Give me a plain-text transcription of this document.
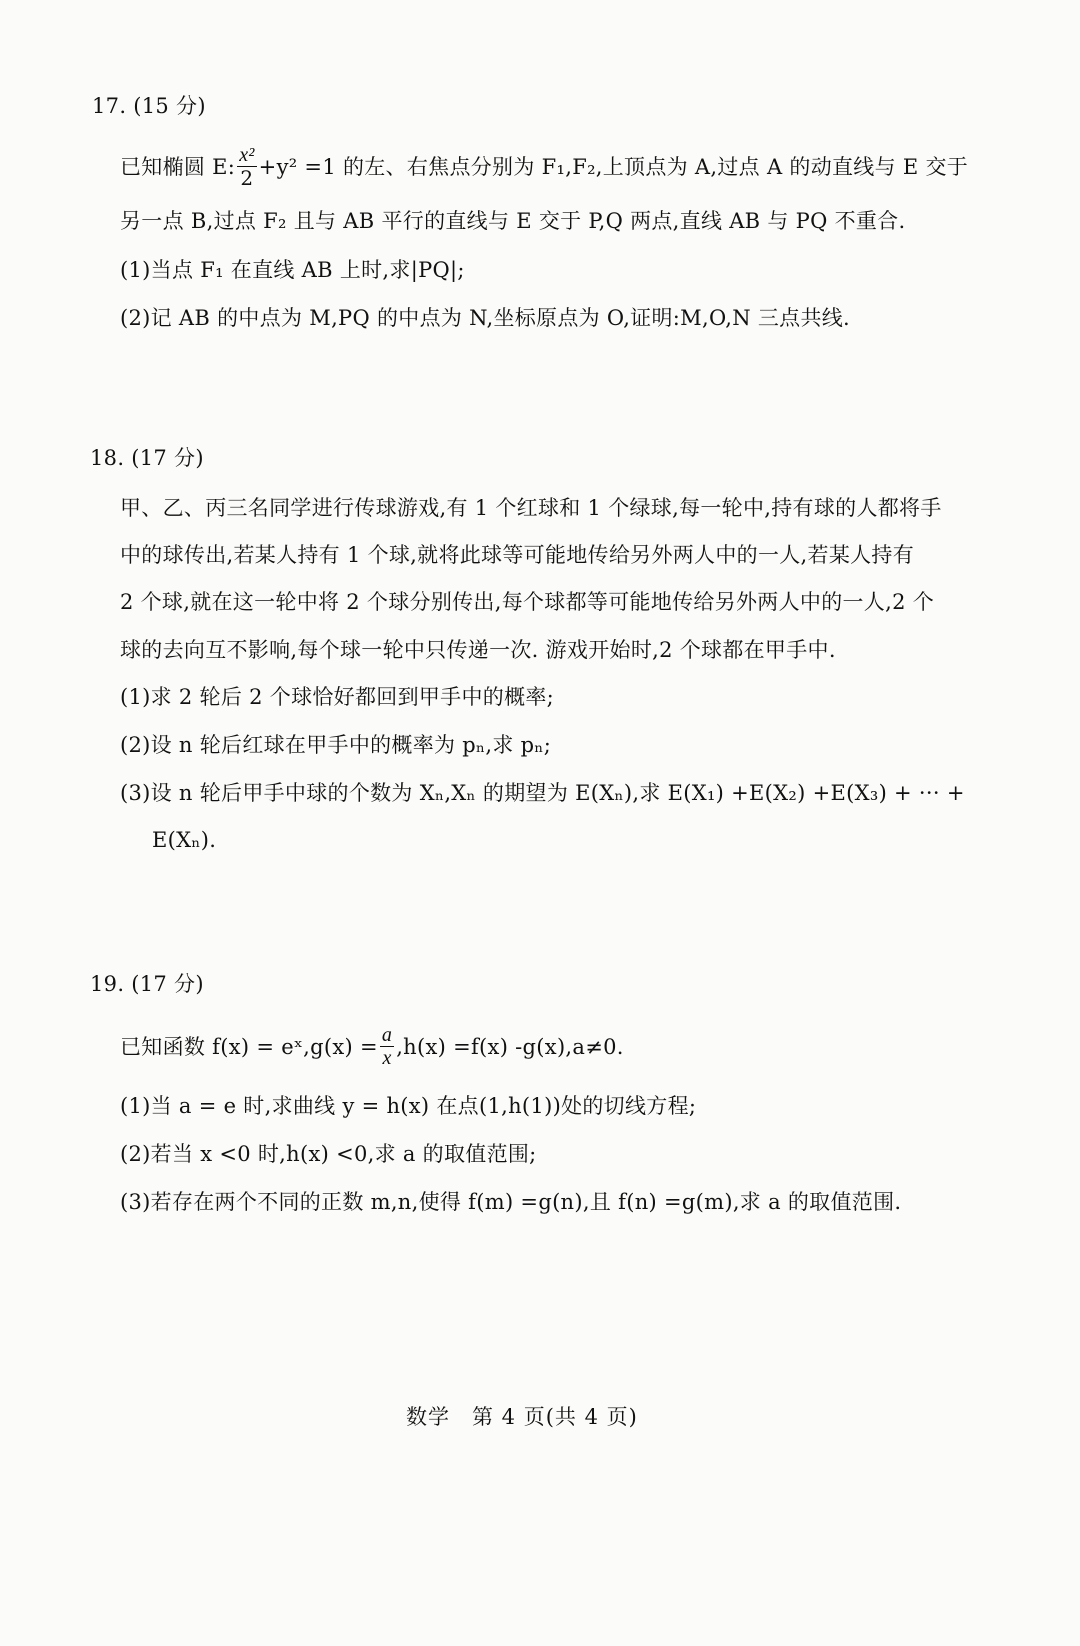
17. (15 分)
已知椭圆 E: $\frac{\text{x²}}{2} +y^2 =1$ 的左、右焦点分别为 F₁,F₂,上顶点为 A,过点 A 的动直线与 E 交于
另一点 B,过点 F₂ 且与 AB 平行的直线与 E 交于 P,Q 两点,直线 AB 与 PQ 不重合.
(1)当点 F₁ 在直线 AB 上时,求|PQ|;
(2)记 AB 的中点为 M,PQ 的中点为 N,坐标原点为 O,证明:M,O,N 三点共线.
18. (17 分)
甲、乙、丙三名同学进行传球游戏,有 1 个红球和 1 个绿球,每一轮中,持有球的人都将手
中的球传出,若某人持有 1 个球,就将此球等可能地传给另外两人中的一人,若某人持有
2 个球,就在这一轮中将 2 个球分别传出,每个球都等可能地传给另外两人中的一人,2 个
球的去向互不影响,每个球一轮中只传递一次. 游戏开始时,2 个球都在甲手中.
(1)求 2 轮后 2 个球恰好都回到甲手中的概率;
(2)设 n 轮后红球在甲手中的概率为 pₙ,求 pₙ;
(3)设 n 轮后甲手中球的个数为 Xₙ,Xₙ 的期望为 E(Xₙ),求 E(X₁) +E(X₂) +E(X₃) + ··· +
E(Xₙ).
19. (17 分)
已知函数 f(x) = eˣ,g(x) = $\frac{a}{x} ,h(x) =f(x)$ -g(x),a≠0.
(1)当 a = e 时,求曲线 y = h(x) 在点(1,h(1))处的切线方程;
(2)若当 x <0 时,h(x) <0,求 a 的取值范围;
(3)若存在两个不同的正数 m,n,使得 f(m) =g(n),且 f(n) =g(m),求 a 的取值范围.
数学　第 4 页(共 4 页)
